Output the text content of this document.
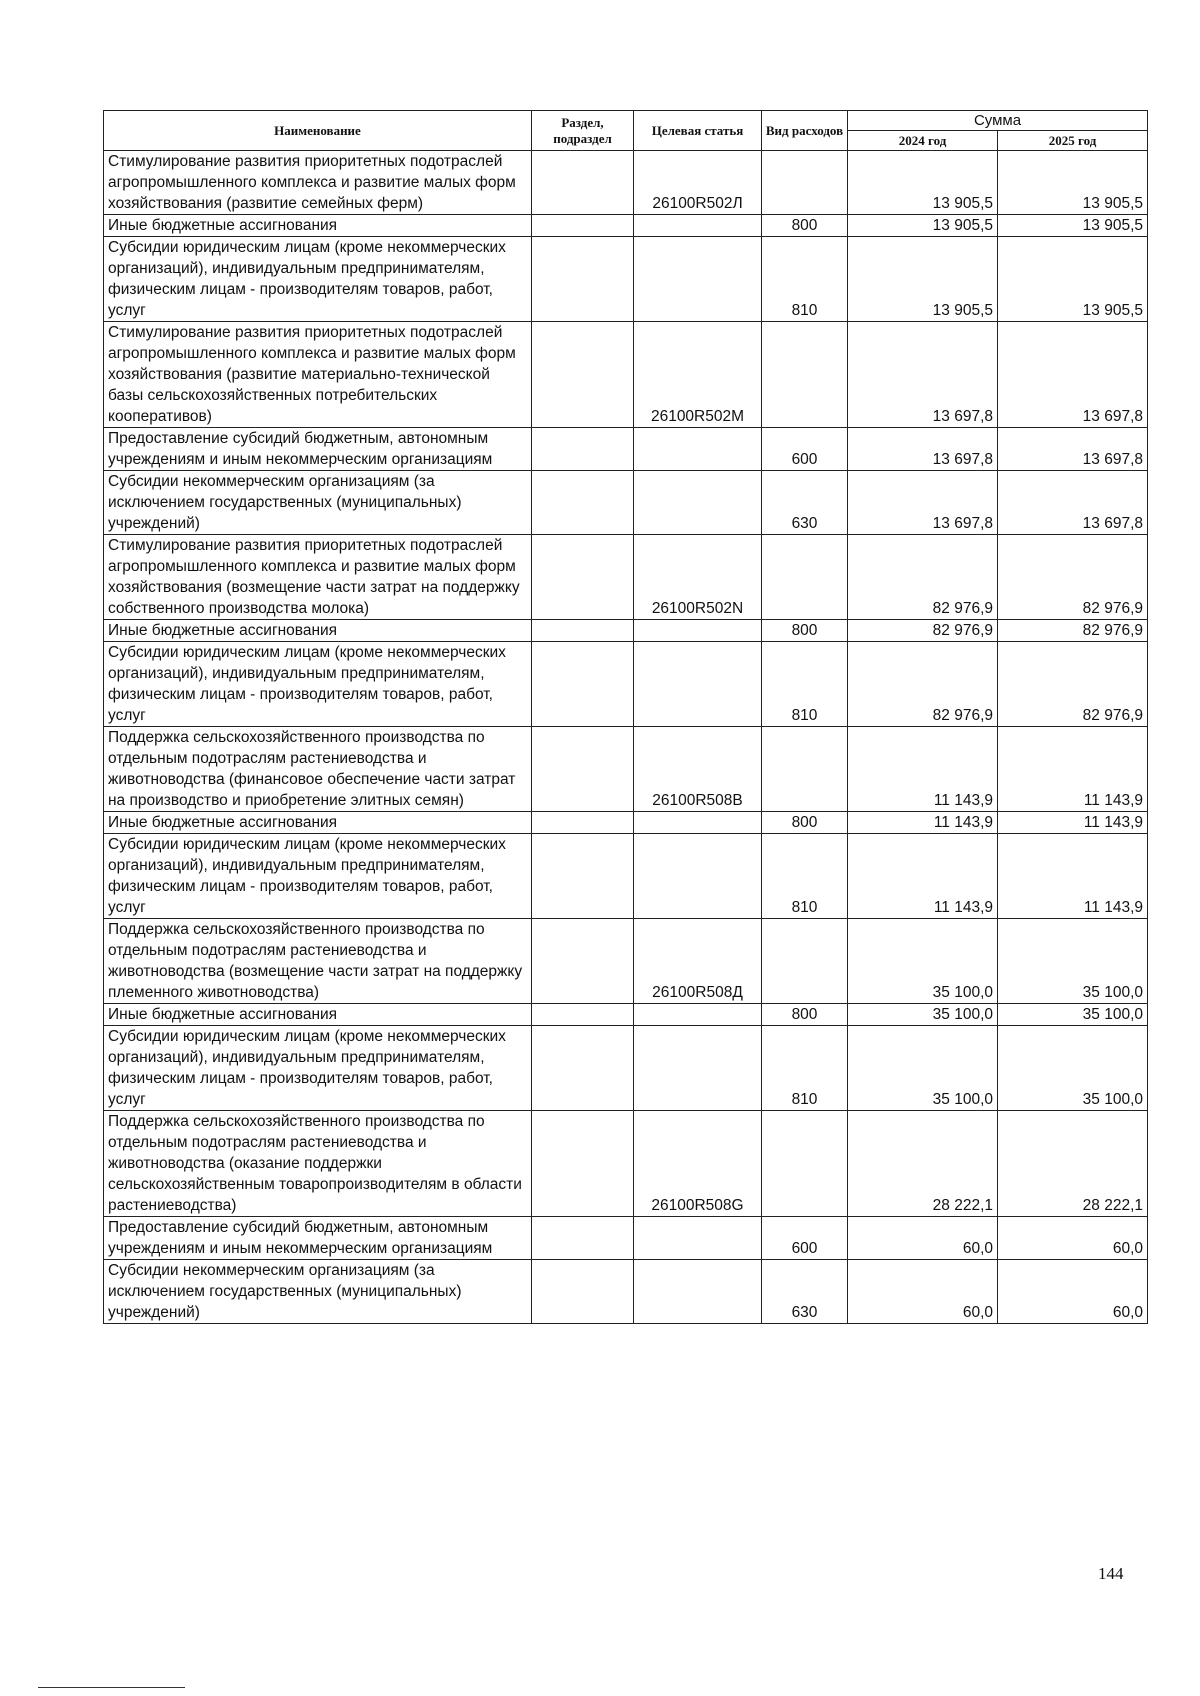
Наименование	Раздел, подраздел	Целевая статья	Вид расходов	Сумма	
				2024 год	2025 год
Стимулирование развития приоритетных подотраслей агропромышленного комплекса и развитие малых форм хозяйствования (развитие семейных ферм)		26100R502Л		13 905,5	13 905,5
Иные бюджетные ассигнования			800	13 905,5	13 905,5
Субсидии юридическим лицам (кроме некоммерческих организаций), индивидуальным предпринимателям, физическим лицам - производителям товаров, работ, услуг			810	13 905,5	13 905,5
Стимулирование развития приоритетных подотраслей агропромышленного комплекса и развитие малых форм хозяйствования (развитие материально-технической базы сельскохозяйственных потребительских кооперативов)		26100R502М		13 697,8	13 697,8
Предоставление субсидий бюджетным, автономным учреждениям и иным некоммерческим организациям			600	13 697,8	13 697,8
Субсидии некоммерческим организациям (за исключением государственных (муниципальных) учреждений)			630	13 697,8	13 697,8
Стимулирование развития приоритетных подотраслей агропромышленного комплекса и развитие малых форм хозяйствования (возмещение части затрат на поддержку собственного производства молока)		26100R502N		82 976,9	82 976,9
Иные бюджетные ассигнования			800	82 976,9	82 976,9
Субсидии юридическим лицам (кроме некоммерческих организаций), индивидуальным предпринимателям, физическим лицам - производителям товаров, работ, услуг			810	82 976,9	82 976,9
Поддержка сельскохозяйственного производства по отдельным подотраслям растениеводства и животноводства (финансовое обеспечение части затрат на производство и приобретение элитных семян)		26100R508В		11 143,9	11 143,9
Иные бюджетные ассигнования			800	11 143,9	11 143,9
Субсидии юридическим лицам (кроме некоммерческих организаций), индивидуальным предпринимателям, физическим лицам - производителям товаров, работ, услуг			810	11 143,9	11 143,9
Поддержка сельскохозяйственного производства по отдельным подотраслям растениеводства и животноводства (возмещение части затрат на поддержку племенного животноводства)		26100R508Д		35 100,0	35 100,0
Иные бюджетные ассигнования			800	35 100,0	35 100,0
Субсидии юридическим лицам (кроме некоммерческих организаций), индивидуальным предпринимателям, физическим лицам - производителям товаров, работ, услуг			810	35 100,0	35 100,0
Поддержка сельскохозяйственного производства по отдельным подотраслям растениеводства и животноводства (оказание поддержки сельскохозяйственным товаропроизводителям в области растениеводства)		26100R508G		28 222,1	28 222,1
Предоставление субсидий бюджетным, автономным учреждениям и иным некоммерческим организациям			600	60,0	60,0
Субсидии некоммерческим организациям (за исключением государственных (муниципальных) учреждений)			630	60,0	60,0
144
